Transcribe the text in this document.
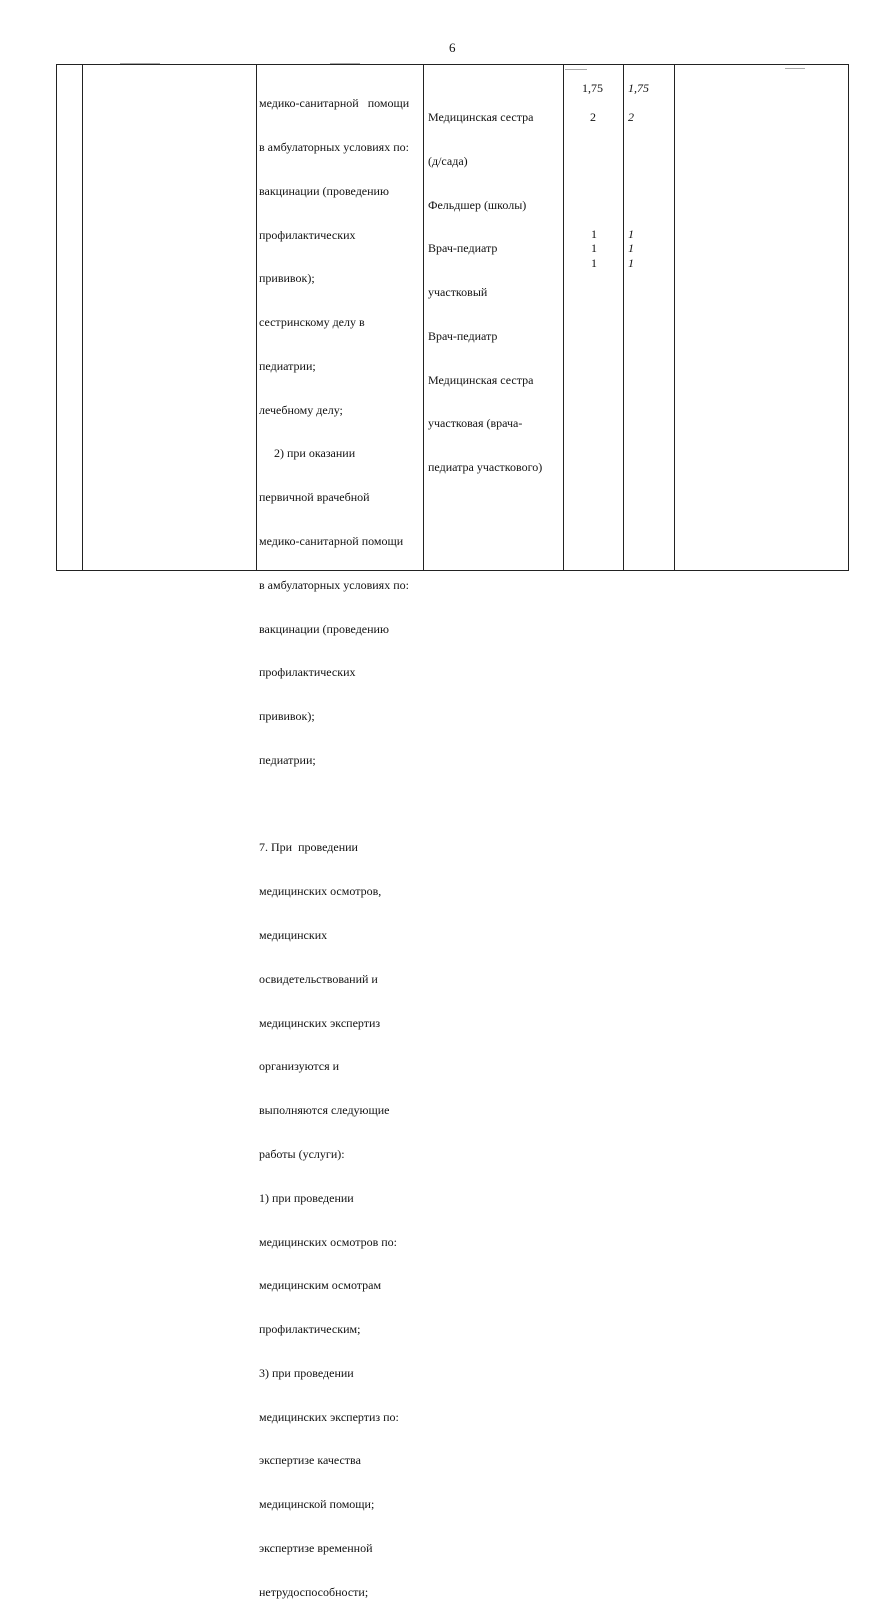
6

медико-санитарной   помощи

в амбулаторных условиях по:

вакцинации (проведению

профилактических

прививок);

сестринскому делу в

педиатрии;

лечебному делу;

2) при оказании

первичной врачебной

медико-санитарной помощи

в амбулаторных условиях по:

вакцинации (проведению

профилактических

прививок);

педиатрии;

7. При  проведении

медицинских осмотров,

медицинских

освидетельствований и

медицинских экспертиз

организуются и

выполняются следующие

работы (услуги):

1) при проведении

медицинских осмотров по:

медицинским осмотрам

профилактическим;

3) при проведении

медицинских экспертиз по:

экспертизе качества

медицинской помощи;

экспертизе временной

нетрудоспособности;

Медицинская сестра

(д/сада)

Фельдшер (школы)

Врач-педиатр

участковый

Врач-педиатр

Медицинская сестра

участковая (врача-

педиатра участкового)

1,75
2
1
1
1
1,75
2
1
1
1
